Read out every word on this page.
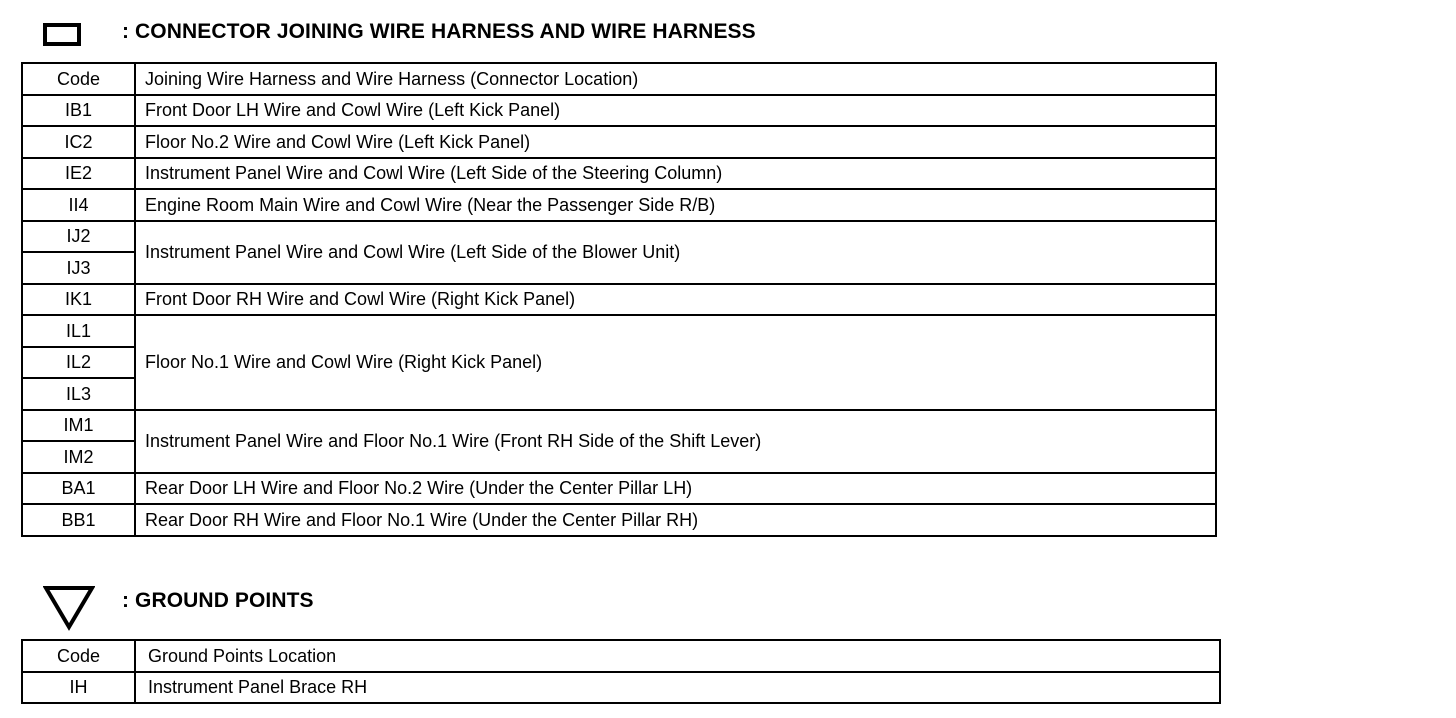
: CONNECTOR JOINING WIRE HARNESS AND WIRE HARNESS
Code	Joining Wire Harness and Wire Harness (Connector Location)
IB1	Front Door LH Wire and Cowl Wire (Left Kick Panel)
IC2	Floor No.2 Wire and Cowl Wire (Left Kick Panel)
IE2	Instrument Panel Wire and Cowl Wire (Left Side of the Steering Column)
II4	Engine Room Main Wire and Cowl Wire (Near the Passenger Side R/B)
IJ2	Instrument Panel Wire and Cowl Wire (Left Side of the Blower Unit)
IJ3	
IK1	Front Door RH Wire and Cowl Wire (Right Kick Panel)
IL1	Floor No.1 Wire and Cowl Wire (Right Kick Panel)
IL2	
IL3	
IM1	Instrument Panel Wire and Floor No.1 Wire (Front RH Side of the Shift Lever)
IM2	
BA1	Rear Door LH Wire and Floor No.2 Wire (Under the Center Pillar LH)
BB1	Rear Door RH Wire and Floor No.1 Wire (Under the Center Pillar RH)
: GROUND POINTS
Code	Ground Points Location
IH	Instrument Panel Brace RH
